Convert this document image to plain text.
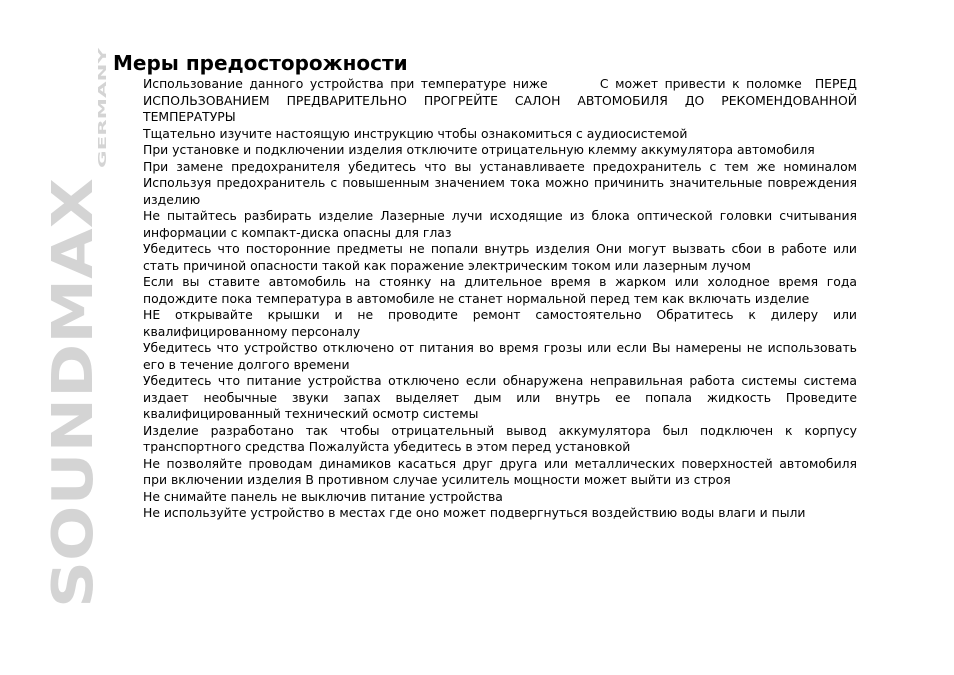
SOUNDMAX
GERMANY
Меры предосторожности

Использование данного устройства при температуре ниже        С может привести к поломке  ПЕРЕД ИСПОЛЬЗОВАНИЕМ ПРЕДВАРИТЕЛЬНО ПРОГРЕЙТЕ САЛОН АВТОМОБИЛЯ ДО РЕКОМЕНДОВАННОЙ ТЕМПЕРАТУРЫ

Тщательно изучите настоящую инструкцию чтобы ознакомиться с аудиосистемой

При установке и подключении изделия отключите отрицательную клемму аккумулятора автомобиля

При замене предохранителя убедитесь что вы устанавливаете предохранитель с тем же номиналом Используя предохранитель с повышенным значением тока можно причинить значительные повреждения изделию

Не пытайтесь разбирать изделие Лазерные лучи исходящие из блока оптической головки считывания информации с компакт-диска опасны для глаз

Убедитесь что посторонние предметы не попали внутрь изделия Они могут вызвать сбои в работе или стать причиной опасности такой как поражение электрическим током или лазерным лучом

Если вы ставите автомобиль на стоянку на длительное время в жарком или холодное время года подождите пока температура в автомобиле не станет нормальной перед тем как включать изделие

НЕ открывайте крышки и не проводите ремонт самостоятельно Обратитесь к дилеру или квалифицированному персоналу

Убедитесь что устройство отключено от питания во время грозы или если Вы намерены не использовать его в течение долгого времени

Убедитесь что питание устройства отключено если обнаружена неправильная работа системы система издает необычные звуки запах выделяет дым или внутрь ее попала жидкость Проведите квалифицированный технический осмотр системы

Изделие разработано так чтобы отрицательный вывод аккумулятора был подключен к корпусу транспортного средства Пожалуйста убедитесь в этом перед установкой

Не позволяйте проводам динамиков касаться друг друга или металлических поверхностей автомобиля при включении изделия В противном случае усилитель мощности может выйти из строя

Не снимайте панель не выключив питание устройства

Не используйте устройство в местах где оно может подвергнуться воздействию воды влаги и пыли
